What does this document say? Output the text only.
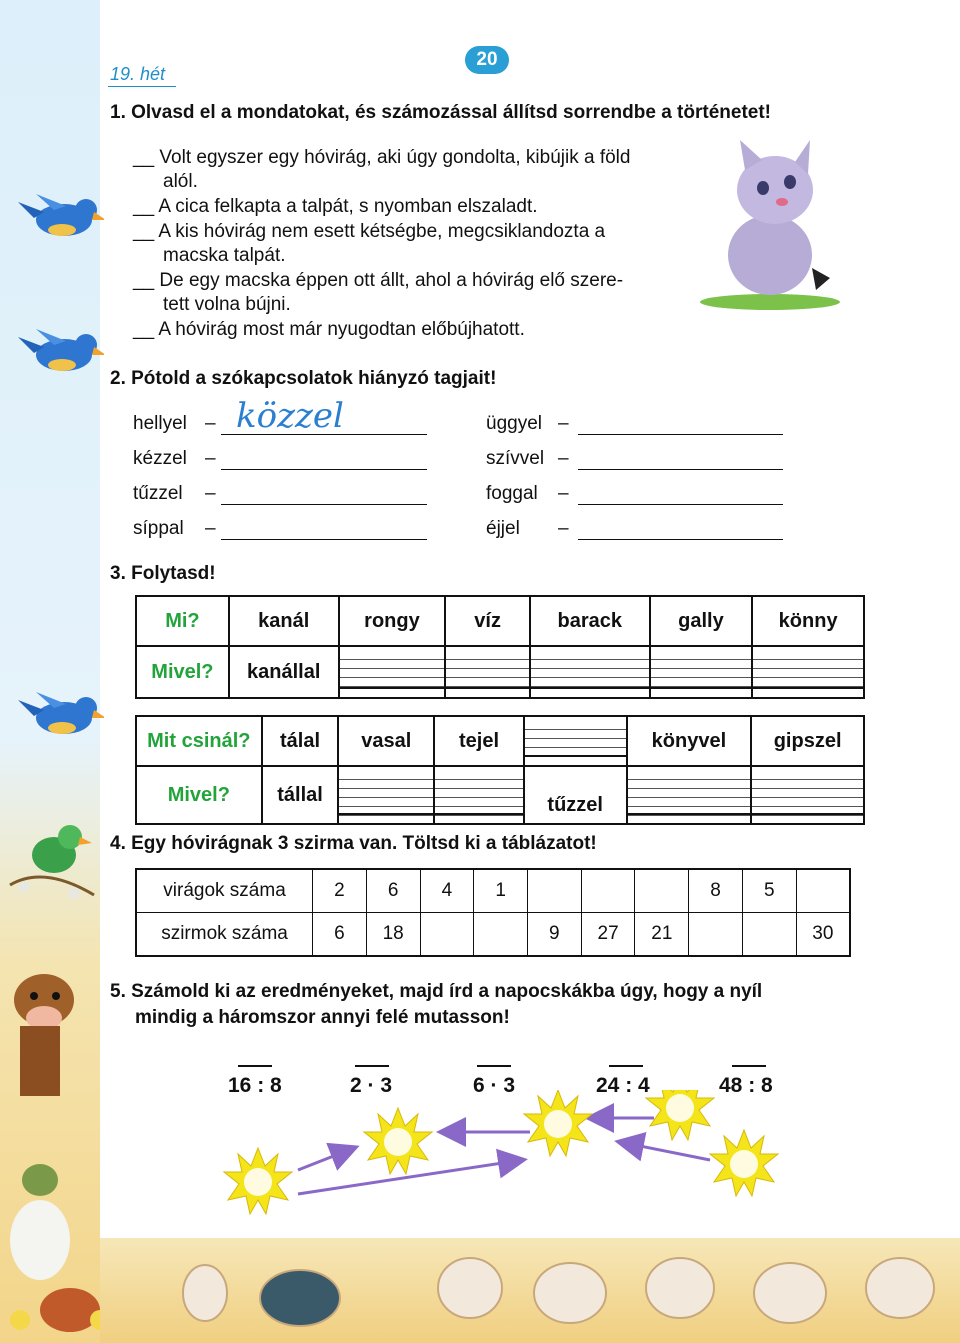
19. hét
20
1. Olvasd el a mondatokat, és számozással állítsd sorrendbe a történetet!
__ Volt egyszer egy hóvirág, aki úgy gondolta, kibújik a föld
alól.
__ A cica felkapta a talpát, s nyomban elszaladt.
__ A kis hóvirág nem esett kétségbe, megcsiklandozta a
macska talpát.
__ De egy macska éppen ott állt, ahol a hóvirág elő szere-
tett volna bújni.
__ A hóvirág most már nyugodtan előbújhatott.
2. Pótold a szókapcsolatok hiányzó tagjait!
hellyel – közzel
kézzel –
tűzzel –
síppal –
üggyel –
szívvel –
foggal –
éjjel –
3. Folytasd!
Mi?	kanál	rongy	víz	barack	gally	könny
Mivel?	kanállal	

Mit csinál?	tálal	vasal	tejel		könyvel	gipszel
Mivel?	tállal			tűzzel	

4. Egy hóvirágnak 3 szirma van. Töltsd ki a táblázatot!
virágok száma	2	6	4	1				8	5	
szirmok száma	6	18			9	27	21			30
5. Számold ki az eredményeket, majd írd a napocskákba úgy, hogy a nyíl
mindig a háromszor annyi felé mutasson!
16 : 8	2 · 3	6 · 3	24 : 4	48 : 8
